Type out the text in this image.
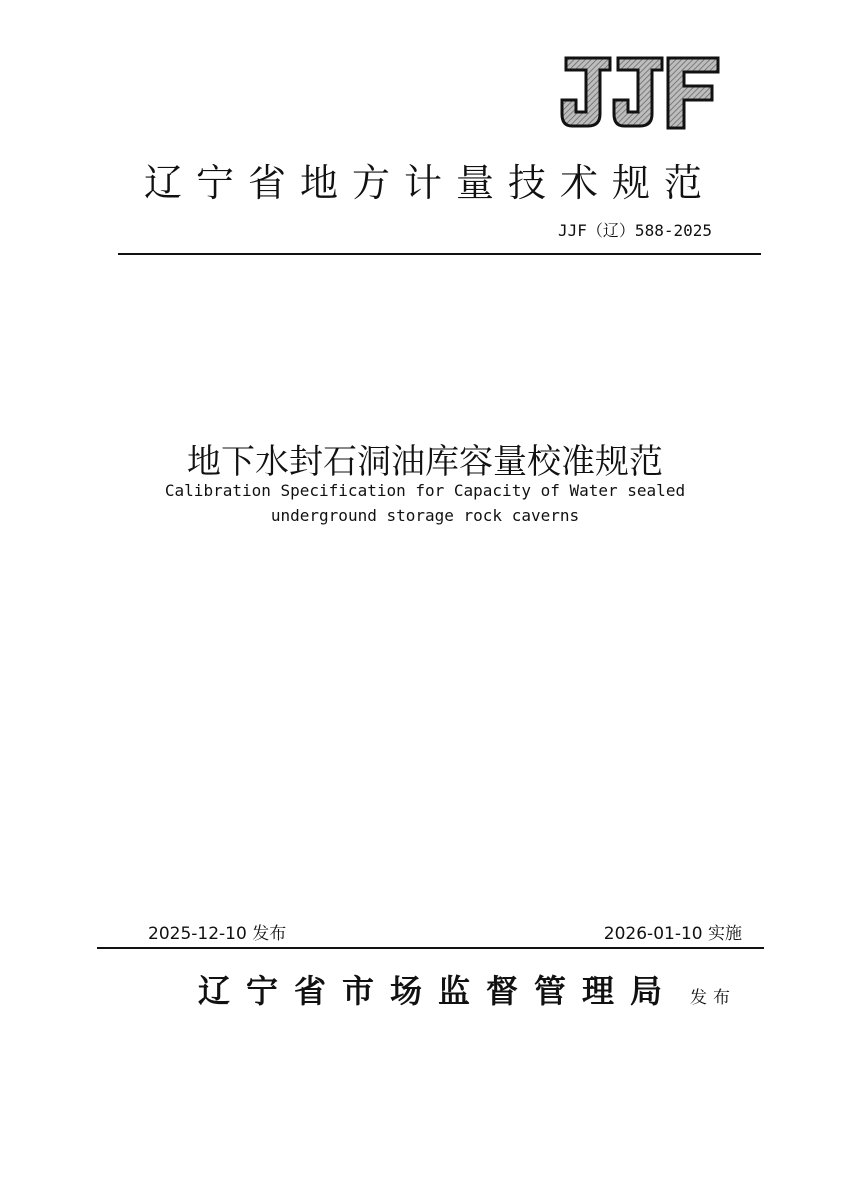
辽宁省地方计量技术规范
JJF（辽）588-2025
地下水封石洞油库容量校准规范
Calibration Specification for Capacity of Water sealed
underground storage rock caverns
2025-12-10 发布	2026-01-10 实施
辽宁省市场监督管理局 发布
